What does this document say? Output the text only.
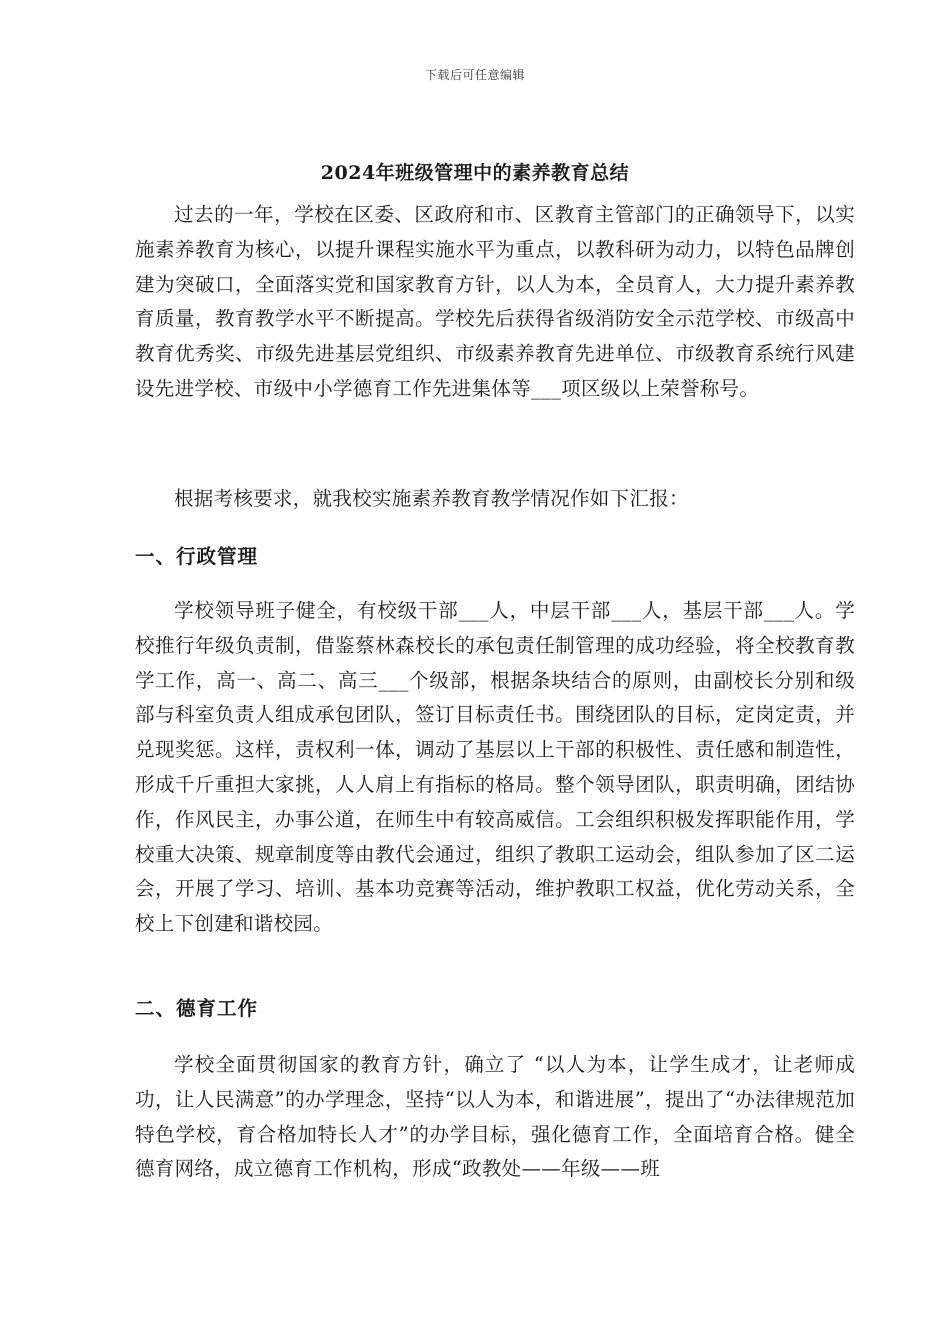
下载后可任意编辑
2024年班级管理中的素养教育总结

过去的一年，学校在区委、区政府和市、区教育主管部门的正确领导下，以实施素养教育为核心，以提升课程实施水平为重点，以教科研为动力，以特色品牌创建为突破口，全面落实党和国家教育方针，以人为本，全员育人，大力提升素养教育质量，教育教学水平不断提高。学校先后获得省级消防安全示范学校、市级高中教育优秀奖、市级先进基层党组织、市级素养教育先进单位、市级教育系统行风建设先进学校、市级中小学德育工作先进集体等___项区级以上荣誉称号。

根据考核要求，就我校实施素养教育教学情况作如下汇报：

一、行政管理

学校领导班子健全，有校级干部___人，中层干部___人，基层干部___人。学校推行年级负责制，借鉴蔡林森校长的承包责任制管理的成功经验，将全校教育教学工作，高一、高二、高三___个级部，根据条块结合的原则，由副校长分别和级部与科室负责人组成承包团队，签订目标责任书。围绕团队的目标，定岗定责，并兑现奖惩。这样，责权利一体，调动了基层以上干部的积极性、责任感和制造性，形成千斤重担大家挑，人人肩上有指标的格局。整个领导团队，职责明确，团结协作，作风民主，办事公道，在师生中有较高威信。工会组织积极发挥职能作用，学校重大决策、规章制度等由教代会通过，组织了教职工运动会，组队参加了区二运会，开展了学习、培训、基本功竞赛等活动，维护教职工权益，优化劳动关系，全校上下创建和谐校园。

二、德育工作

学校全面贯彻国家的教育方针，确立了 “以人为本，让学生成才，让老师成功，让人民满意”的办学理念，坚持“以人为本，和谐进展”，提出了“办法律规范加特色学校，育合格加特长人才”的办学目标，强化德育工作，全面培育合格。健全德育网络，成立德育工作机构，形成“政教处——年级——班
